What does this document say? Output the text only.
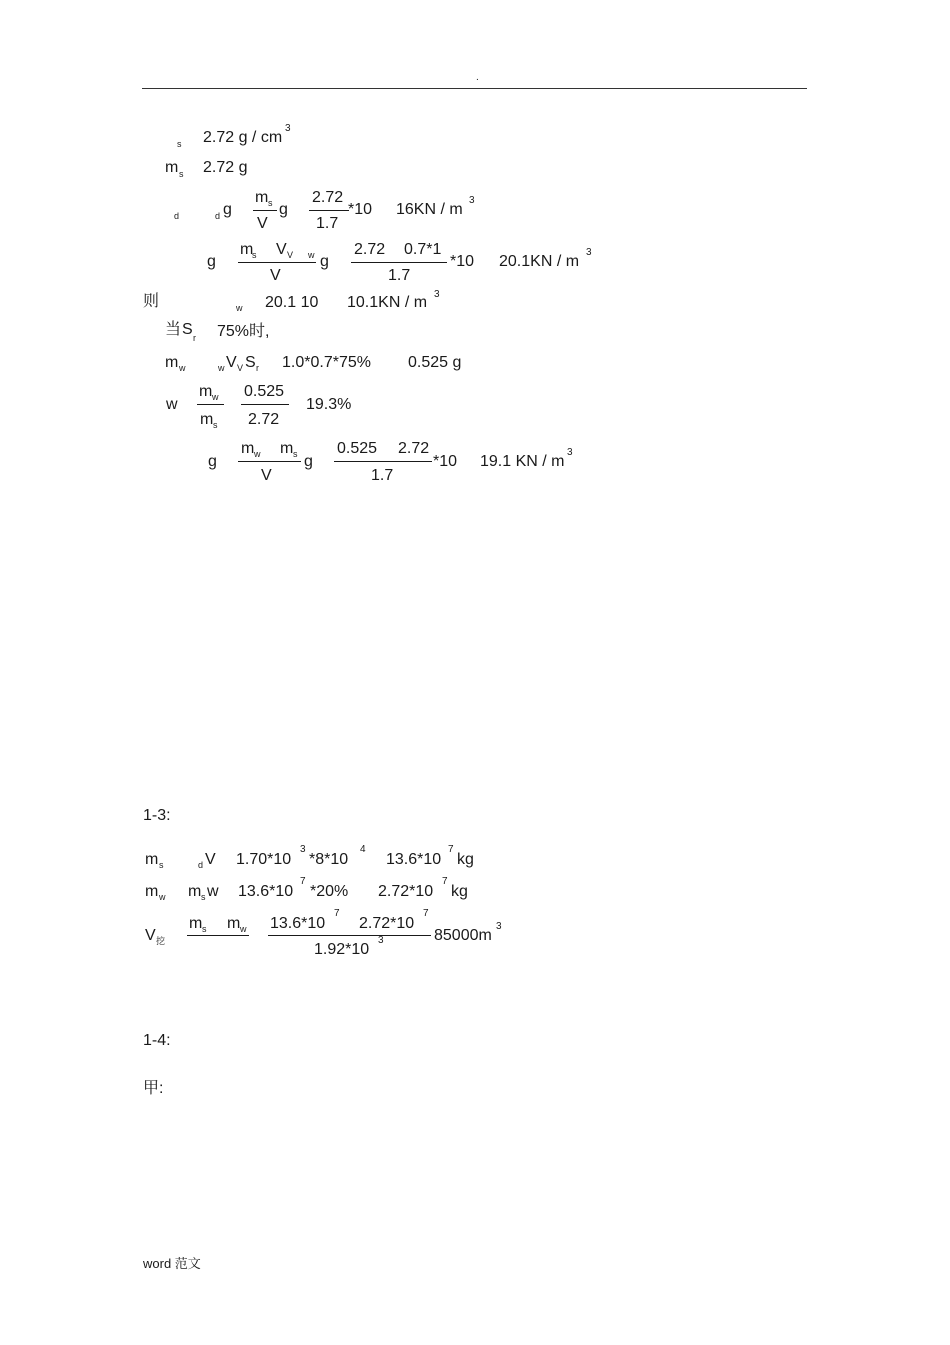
.
s 2.72 g / cm
3
m s 2.72 g
d	d g
m s
V
g
2.72
1.7
*10 16KN / m
3
g
m
s V V w
V
g
2.72 0.7*1
1.7
*10 20.1KN / m
3
则	w 20.1 10 10.1KN / m 3
当 S r 75%时,
m w	w V V S r 1.0*0.7*75% 0.525 g
w
m w
m s
0.525
2.72
19.3%
g
m w m s
V
g
0.525 2.72
1.7
*10 19.1 KN / m
3
1-3:
m s	d V 1.70*10
3
*8*10
4
13.6*10
7
kg
m w m s w 13.6*10
7
*20% 2.72*10
7
kg
V 挖
m s m w 13.6*10
7
2.72*10
7
1.92*10
3	85000m
3
1-4:
甲:
word 范文
